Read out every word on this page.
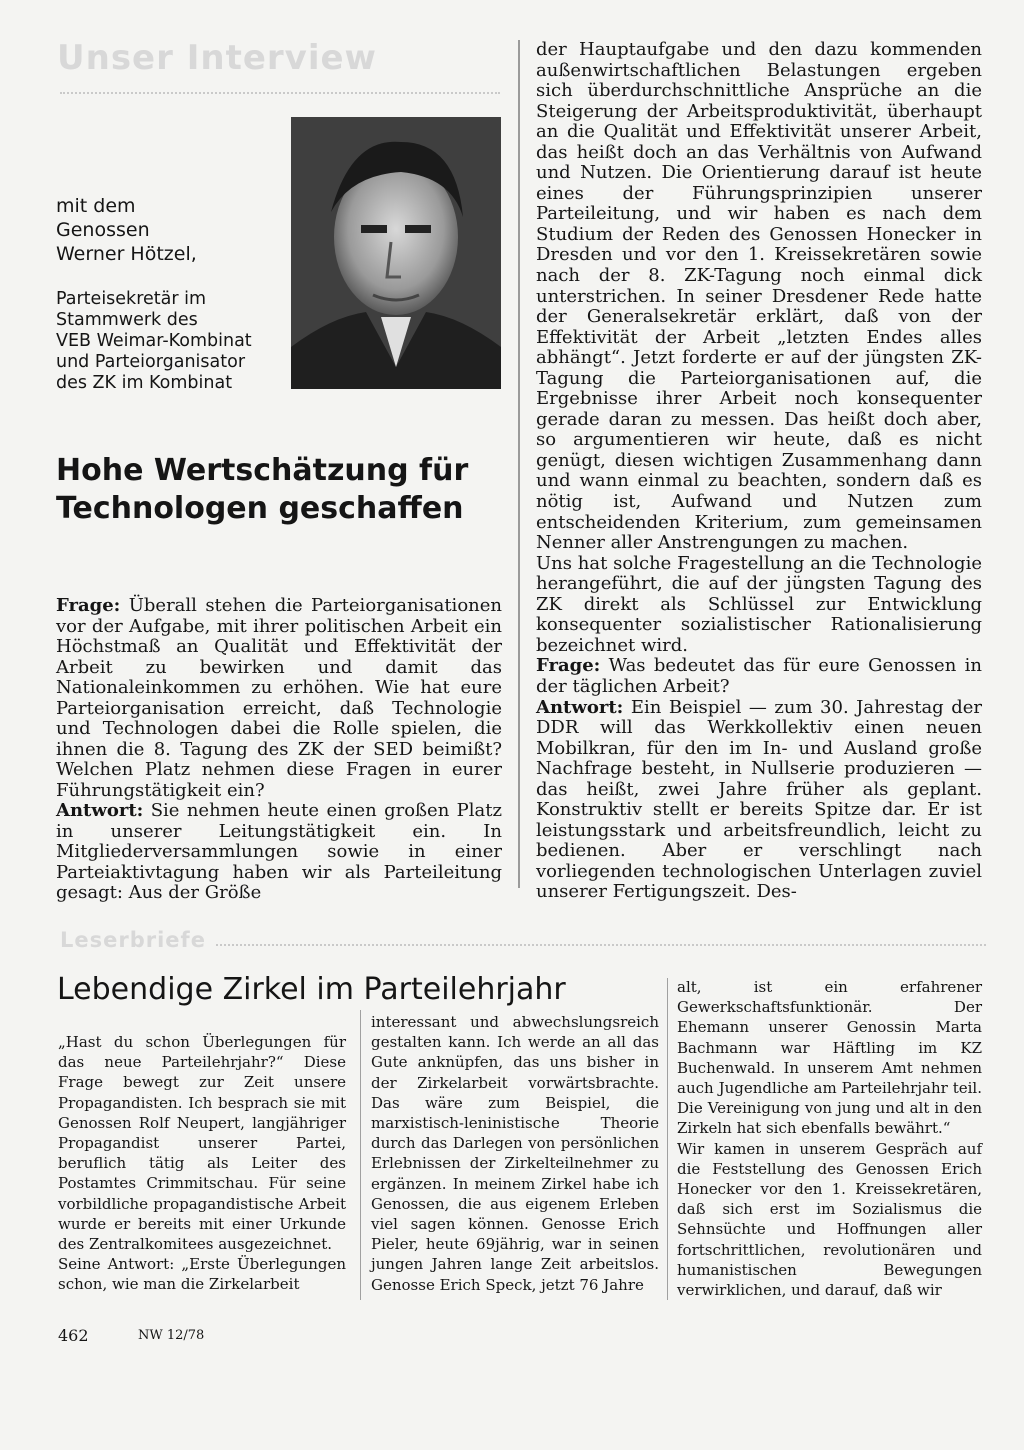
Unser Interview
mit dem
Genossen
Werner Hötzel,
Parteisekretär im
Stammwerk des
VEB Weimar-Kombinat
und Parteiorganisator
des ZK im Kombinat
Hohe Wertschätzung für
Technologen geschaffen

Frage: Überall stehen die Parteiorganisationen vor der Aufgabe, mit ihrer politischen Arbeit ein Höchstmaß an Qualität und Effektivität der Arbeit zu bewirken und damit das Nationaleinkommen zu erhöhen. Wie hat eure Parteiorganisation erreicht, daß Technologie und Technologen dabei die Rolle spielen, die ihnen die 8. Tagung des ZK der SED beimißt? Welchen Platz nehmen diese Fragen in eurer Führungstätigkeit ein?

Antwort: Sie nehmen heute einen großen Platz in unserer Leitungstätigkeit ein. In Mitgliederversammlungen sowie in einer Parteiaktivtagung haben wir als Parteileitung gesagt: Aus der Größe

der Hauptaufgabe und den dazu kommenden außenwirtschaftlichen Belastungen ergeben sich überdurchschnittliche Ansprüche an die Steigerung der Arbeitsproduktivität, überhaupt an die Qualität und Effektivität unserer Arbeit, das heißt doch an das Verhältnis von Aufwand und Nutzen. Die Orientierung darauf ist heute eines der Führungsprinzipien unserer Parteileitung, und wir haben es nach dem Studium der Reden des Genossen Honecker in Dresden und vor den 1. Kreissekretären sowie nach der 8. ZK-Tagung noch einmal dick unterstrichen. In seiner Dresdener Rede hatte der Generalsekretär erklärt, daß von der Effektivität der Arbeit „letzten Endes alles abhängt“. Jetzt forderte er auf der jüngsten ZK-Tagung die Parteiorganisationen auf, die Ergebnisse ihrer Arbeit noch konsequenter gerade daran zu messen. Das heißt doch aber, so argumentieren wir heute, daß es nicht genügt, diesen wichtigen Zusammenhang dann und wann einmal zu beachten, sondern daß es nötig ist, Aufwand und Nutzen zum entscheidenden Kriterium, zum gemeinsamen Nenner aller Anstrengungen zu machen.

Uns hat solche Fragestellung an die Technologie herangeführt, die auf der jüngsten Tagung des ZK direkt als Schlüssel zur Entwicklung konsequenter sozialistischer Rationalisierung bezeichnet wird.

Frage: Was bedeutet das für eure Genossen in der täglichen Arbeit?

Antwort: Ein Beispiel — zum 30. Jahrestag der DDR will das Werkkollektiv einen neuen Mobilkran, für den im In- und Ausland große Nachfrage besteht, in Nullserie produzieren — das heißt, zwei Jahre früher als geplant. Konstruktiv stellt er bereits Spitze dar. Er ist leistungsstark und arbeitsfreundlich, leicht zu bedienen. Aber er verschlingt nach vorliegenden technologischen Unterlagen zuviel unserer Fertigungszeit. Des-

Leserbriefe
Lebendige Zirkel im Parteilehrjahr

„Hast du schon Überlegungen für das neue Parteilehrjahr?“ Diese Frage bewegt zur Zeit unsere Propagandisten. Ich besprach sie mit Genossen Rolf Neupert, langjähriger Propagandist unserer Partei, beruflich tätig als Leiter des Postamtes Crimmitschau. Für seine vorbildliche propagandistische Arbeit wurde er bereits mit einer Urkunde des Zentralkomitees ausgezeichnet.

Seine Antwort: „Erste Überlegungen schon, wie man die Zirkelarbeit

interessant und abwechslungsreich gestalten kann. Ich werde an all das Gute anknüpfen, das uns bisher in der Zirkelarbeit vorwärtsbrachte. Das wäre zum Beispiel, die marxistisch-leninistische Theorie durch das Darlegen von persönlichen Erlebnissen der Zirkelteilnehmer zu ergänzen. In meinem Zirkel habe ich Genossen, die aus eigenem Erleben viel sagen können. Genosse Erich Pieler, heute 69jährig, war in seinen jungen Jahren lange Zeit arbeitslos. Genosse Erich Speck, jetzt 76 Jahre

alt, ist ein erfahrener Gewerkschaftsfunktionär. Der Ehemann unserer Genossin Marta Bachmann war Häftling im KZ Buchenwald. In unserem Amt nehmen auch Jugendliche am Parteilehrjahr teil. Die Vereinigung von jung und alt in den Zirkeln hat sich ebenfalls bewährt.“

Wir kamen in unserem Gespräch auf die Feststellung des Genossen Erich Honecker vor den 1. Kreissekretären, daß sich erst im Sozialismus die Sehnsüchte und Hoffnungen aller fortschrittlichen, revolutionären und humanistischen Bewegungen verwirklichen, und darauf, daß wir

462	NW 12/78
